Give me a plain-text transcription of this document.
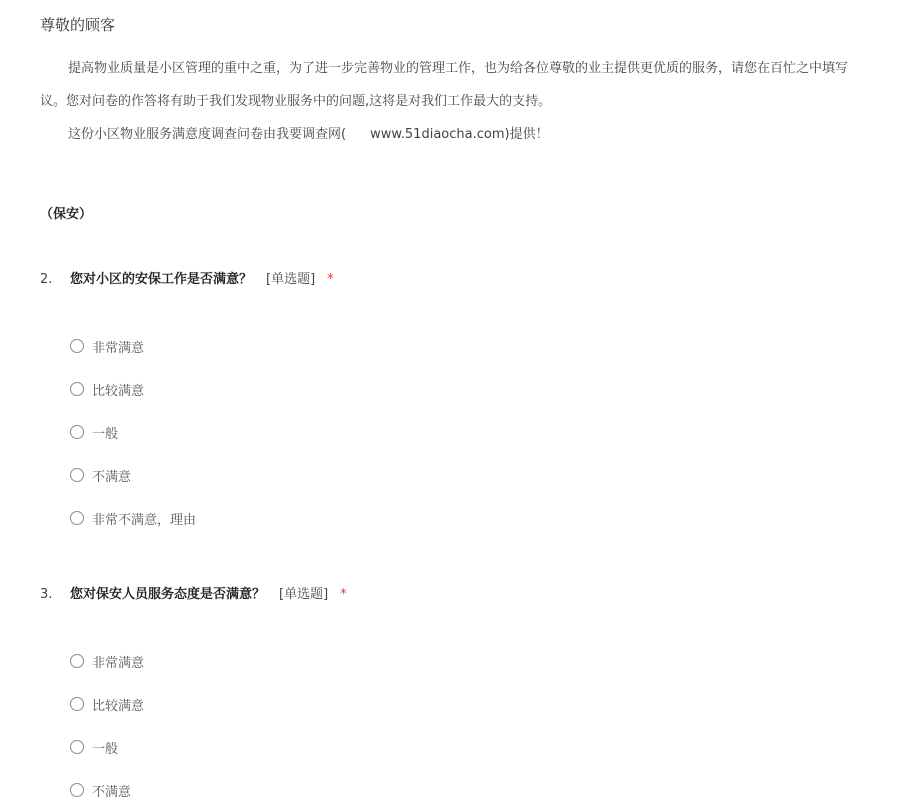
尊敬的顾客
提高物业质量是小区管理的重中之重，为了进一步完善物业的管理工作，也为给各位尊敬的业主提供更优质的服务，请您在百忙之中填写
议。您对问卷的作答将有助于我们发现物业服务中的问题,这将是对我们工作最大的支持。
这份小区物业服务满意度调查问卷由我要调查网( www.51diaocha.com)提供！
（保安）
2. 您对小区的安保工作是否满意？ [单选题] *
非常满意
比较满意
一般
不满意
非常不满意，理由
3. 您对保安人员服务态度是否满意？ [单选题] *
非常满意
比较满意
一般
不满意
